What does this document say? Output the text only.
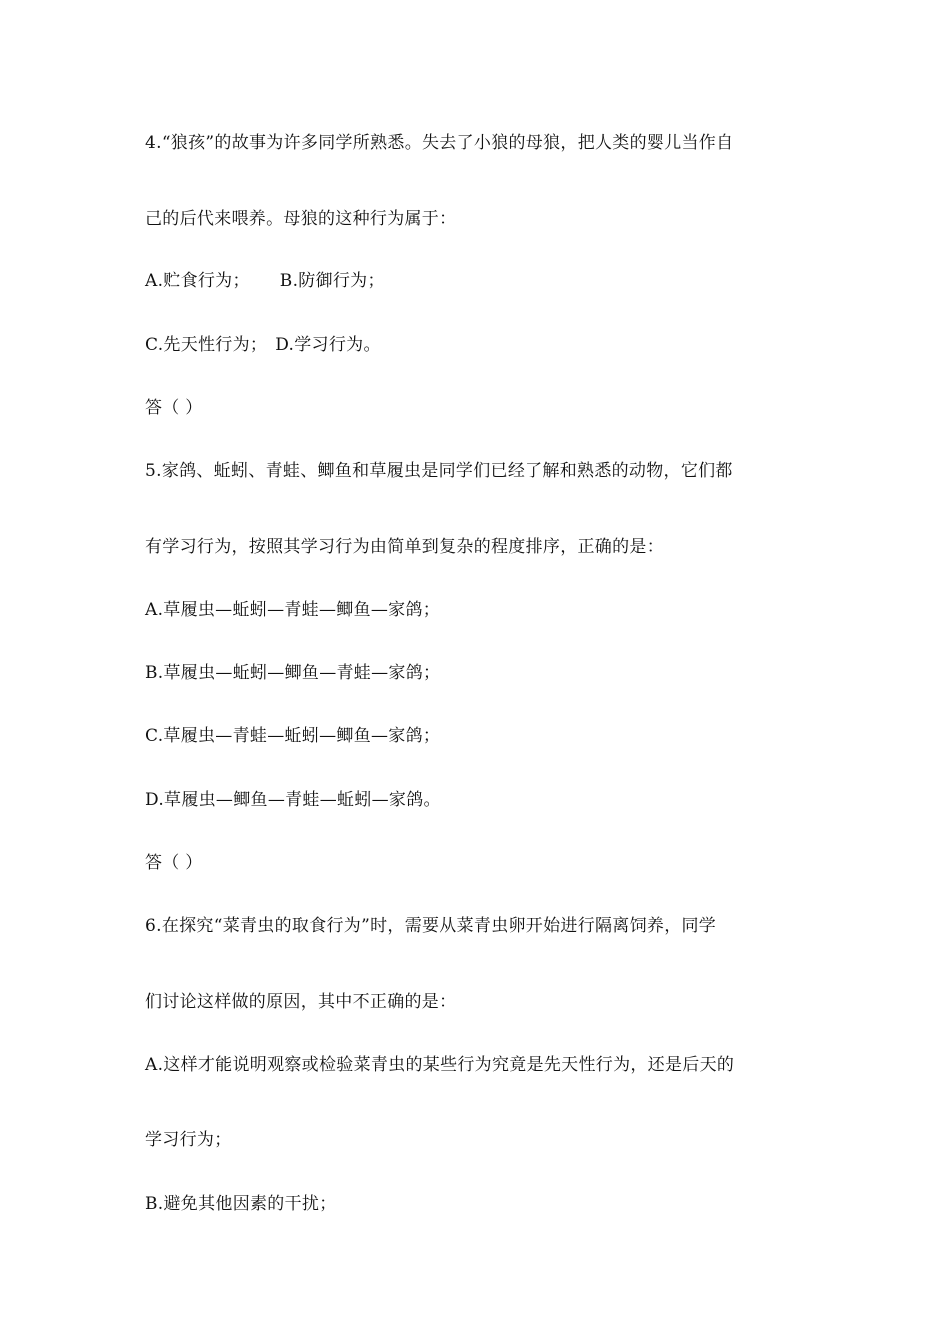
4.“狼孩”的故事为许多同学所熟悉。失去了小狼的母狼，把人类的婴儿当作自
己的后代来喂养。母狼的这种行为属于：
A.贮食行为； B.防御行为；
C.先天性行为； D.学习行为。
答（ ）
5.家鸽、蚯蚓、青蛙、鲫鱼和草履虫是同学们已经了解和熟悉的动物，它们都
有学习行为，按照其学习行为由简单到复杂的程度排序，正确的是：
A.草履虫—蚯蚓—青蛙—鲫鱼—家鸽；
B.草履虫—蚯蚓—鲫鱼—青蛙—家鸽；
C.草履虫—青蛙—蚯蚓—鲫鱼—家鸽；
D.草履虫—鲫鱼—青蛙—蚯蚓—家鸽。
答（ ）
6.在探究“菜青虫的取食行为”时，需要从菜青虫卵开始进行隔离饲养，同学
们讨论这样做的原因，其中不正确的是：
A.这样才能说明观察或检验菜青虫的某些行为究竟是先天性行为，还是后天的
学习行为；
B.避免其他因素的干扰；
